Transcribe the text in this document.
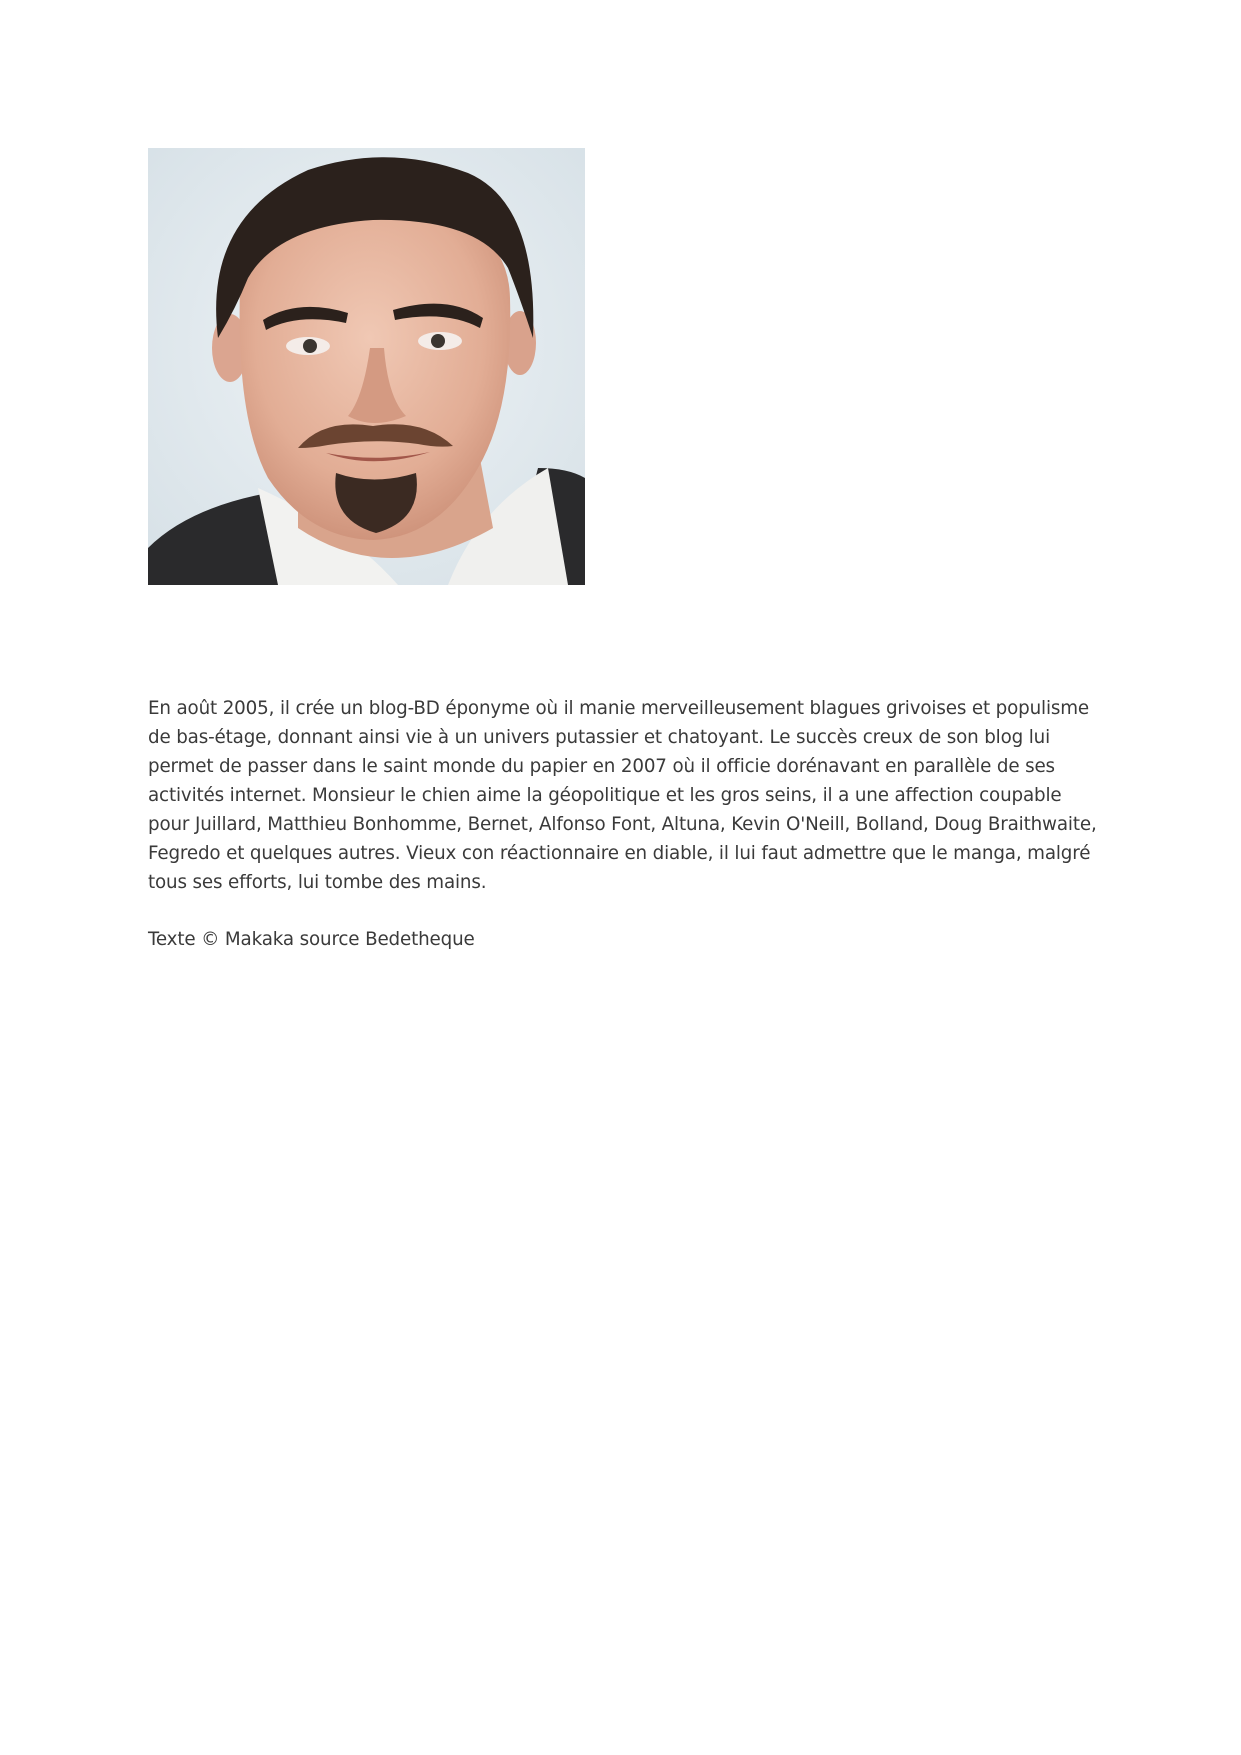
En août 2005, il crée un blog-BD éponyme où il manie merveilleusement blagues grivoises et populisme
de bas-étage, donnant ainsi vie à un univers putassier et chatoyant. Le succès creux de son blog lui
permet de passer dans le saint monde du papier en 2007 où il officie dorénavant en parallèle de ses
activités internet. Monsieur le chien aime la géopolitique et les gros seins, il a une affection coupable
pour Juillard, Matthieu Bonhomme, Bernet, Alfonso Font, Altuna, Kevin O'Neill, Bolland, Doug Braithwaite,
Fegredo et quelques autres. Vieux con réactionnaire en diable, il lui faut admettre que le manga, malgré
tous ses efforts, lui tombe des mains.

Texte © Makaka source Bedetheque
